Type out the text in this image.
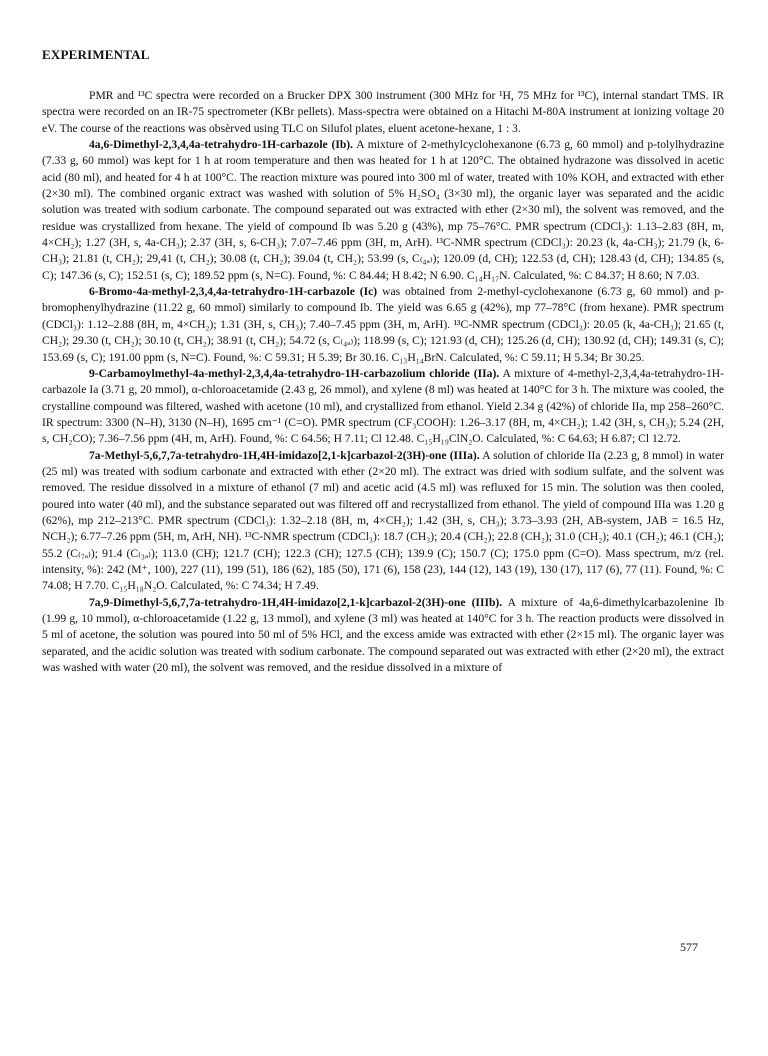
EXPERIMENTAL

PMR and ¹³C spectra were recorded on a Brucker DPX 300 instrument (300 MHz for ¹H, 75 MHz for ¹³C), internal standart TMS. IR spectra were recorded on an IR-75 spectrometer (KBr pellets). Mass-spectra were obtained on a Hitachi M-80A instrument at ionizing voltage 20 eV. The course of the reactions was obsèrved using TLC on Silufol plates, eluent acetone-hexane, 1 : 3.

4a,6-Dimethyl-2,3,4,4a-tetrahydro-1H-carbazole (Ib). A mixture of 2-methylcyclohexanone (6.73 g, 60 mmol) and p-tolylhydrazine (7.33 g, 60 mmol) was kept for 1 h at room temperature and then was heated for 1 h at 120°C. The obtained hydrazone was dissolved in acetic acid (80 ml), and heated for 4 h at 100°C. The reaction mixture was poured into 300 ml of water, treated with 10% KOH, and extracted with ether (2×30 ml). The combined organic extract was washed with solution of 5% H₂SO₄ (3×30 ml), the organic layer was separated and the acidic solution was treated with sodium carbonate. The compound separated out was extracted with ether (2×30 ml), the solvent was removed, and the residue was crystallized from hexane. The yield of compound Ib was 5.20 g (43%), mp 75–76°C. PMR spectrum (CDCl₃): 1.13–2.83 (8H, m, 4×CH₂); 1.27 (3H, s, 4a-CH₃); 2.37 (3H, s, 6-CH₃); 7.07–7.46 ppm (3H, m, ArH). ¹³C-NMR spectrum (CDCl₃): 20.23 (k, 4a-CH₃); 21.79 (k, 6-CH₃); 21.81 (t, CH₂); 29,41 (t, CH₂); 30.08 (t, CH₂); 39.04 (t, CH₂); 53.99 (s, C₍₄ₐ₎); 120.09 (d, CH); 122.53 (d, CH); 128.43 (d, CH); 134.85 (s, C); 147.36 (s, C); 152.51 (s, C); 189.52 ppm (s, N=C). Found, %: C 84.44; H 8.42; N 6.90. C₁₄H₁₇N. Calculated, %: C 84.37; H 8.60; N 7.03.

6-Bromo-4a-methyl-2,3,4,4a-tetrahydro-1H-carbazole (Ic) was obtained from 2-methyl-cyclohexanone (6.73 g, 60 mmol) and p-bromophenylhydrazine (11.22 g, 60 mmol) similarly to compound Ib. The yield was 6.65 g (42%), mp 77–78°C (from hexane). PMR spectrum (CDCl₃): 1.12–2.88 (8H, m, 4×CH₂); 1.31 (3H, s, CH₃); 7.40–7.45 ppm (3H, m, ArH). ¹³C-NMR spectrum (CDCl₃): 20.05 (k, 4a-CH₃); 21.65 (t, CH₂); 29.30 (t, CH₂); 30.10 (t, CH₂); 38.91 (t, CH₂); 54.72 (s, C₍₄ₐ₎); 118.99 (s, C); 121.93 (d, CH); 125.26 (d, CH); 130.92 (d, CH); 149.31 (s, C); 153.69 (s, C); 191.00 ppm (s, N=C). Found, %: C 59.31; H 5.39; Br 30.16. C₁₃H₁₄BrN. Calculated, %: C 59.11; H 5.34; Br 30.25.

9-Carbamoylmethyl-4a-methyl-2,3,4,4a-tetrahydro-1H-carbazolium chloride (IIa). A mixture of 4-methyl-2,3,4,4a-tetrahydro-1H-carbazole Ia (3.71 g, 20 mmol), α-chloroacetamide (2.43 g, 26 mmol), and xylene (8 ml) was heated at 140°C for 3 h. The mixture was cooled, the crystalline compound was filtered, washed with acetone (10 ml), and crystallized from ethanol. Yield 2.34 g (42%) of chloride IIa, mp 258–260°C. IR spectrum: 3300 (N–H), 3130 (N–H), 1695 cm⁻¹ (C=O). PMR spectrum (CF₃COOH): 1.26–3.17 (8H, m, 4×CH₂); 1.42 (3H, s, CH₃); 5.24 (2H, s, CH₂CO); 7.36–7.56 ppm (4H, m, ArH). Found, %: C 64.56; H 7.11; Cl 12.48. C₁₅H₁₉ClN₂O. Calculated, %: C 64.63; H 6.87; Cl 12.72.

7a-Methyl-5,6,7,7a-tetrahydro-1H,4H-imidazo[2,1-k]carbazol-2(3H)-one (IIIa). A solution of chloride IIa (2.23 g, 8 mmol) in water (25 ml) was treated with sodium carbonate and extracted with ether (2×20 ml). The extract was dried with sodium sulfate, and the solvent was removed. The residue dissolved in a mixture of ethanol (7 ml) and acetic acid (4.5 ml) was refluxed for 15 min. The solution was then cooled, poured into water (40 ml), and the substance separated out was filtered off and recrystallized from ethanol. The yield of compound IIIa was 1.20 g (62%), mp 212–213°C. PMR spectrum (CDCl₃): 1.32–2.18 (8H, m, 4×CH₂); 1.42 (3H, s, CH₃); 3.73–3.93 (2H, AB-system, JAB = 16.5 Hz, NCH₂); 6.77–7.26 ppm (5H, m, ArH, NH). ¹³C-NMR spectrum (CDCl₃): 18.7 (CH₃); 20.4 (CH₂); 22.8 (CH₂); 31.0 (CH₂); 40.1 (CH₂); 46.1 (CH₂); 55.2 (C₍₇ₐ₎); 91.4 (C₍₃ₐ₎); 113.0 (CH); 121.7 (CH); 122.3 (CH); 127.5 (CH); 139.9 (C); 150.7 (C); 175.0 ppm (C=O). Mass spectrum, m/z (rel. intensity, %): 242 (M⁺, 100), 227 (11), 199 (51), 186 (62), 185 (50), 171 (6), 158 (23), 144 (12), 143 (19), 130 (17), 117 (6), 77 (11). Found, %: C 74.08; H 7.70. C₁₅H₁₈N₂O. Calculated, %: C 74.34; H 7.49.

7a,9-Dimethyl-5,6,7,7a-tetrahydro-1H,4H-imidazo[2,1-k]carbazol-2(3H)-one (IIIb). A mixture of 4a,6-dimethylcarbazolenine Ib (1.99 g, 10 mmol), α-chloroacetamide (1.22 g, 13 mmol), and xylene (3 ml) was heated at 140°C for 3 h. The reaction products were dissolved in 5 ml of acetone, the solution was poured into 50 ml of 5% HCl, and the excess amide was extracted with ether (2×15 ml). The organic layer was separated, and the acidic solution was treated with sodium carbonate. The compound separated out was extracted with ether (2×20 ml), the extract was washed with water (20 ml), the solvent was removed, and the residue dissolved in a mixture of

577
